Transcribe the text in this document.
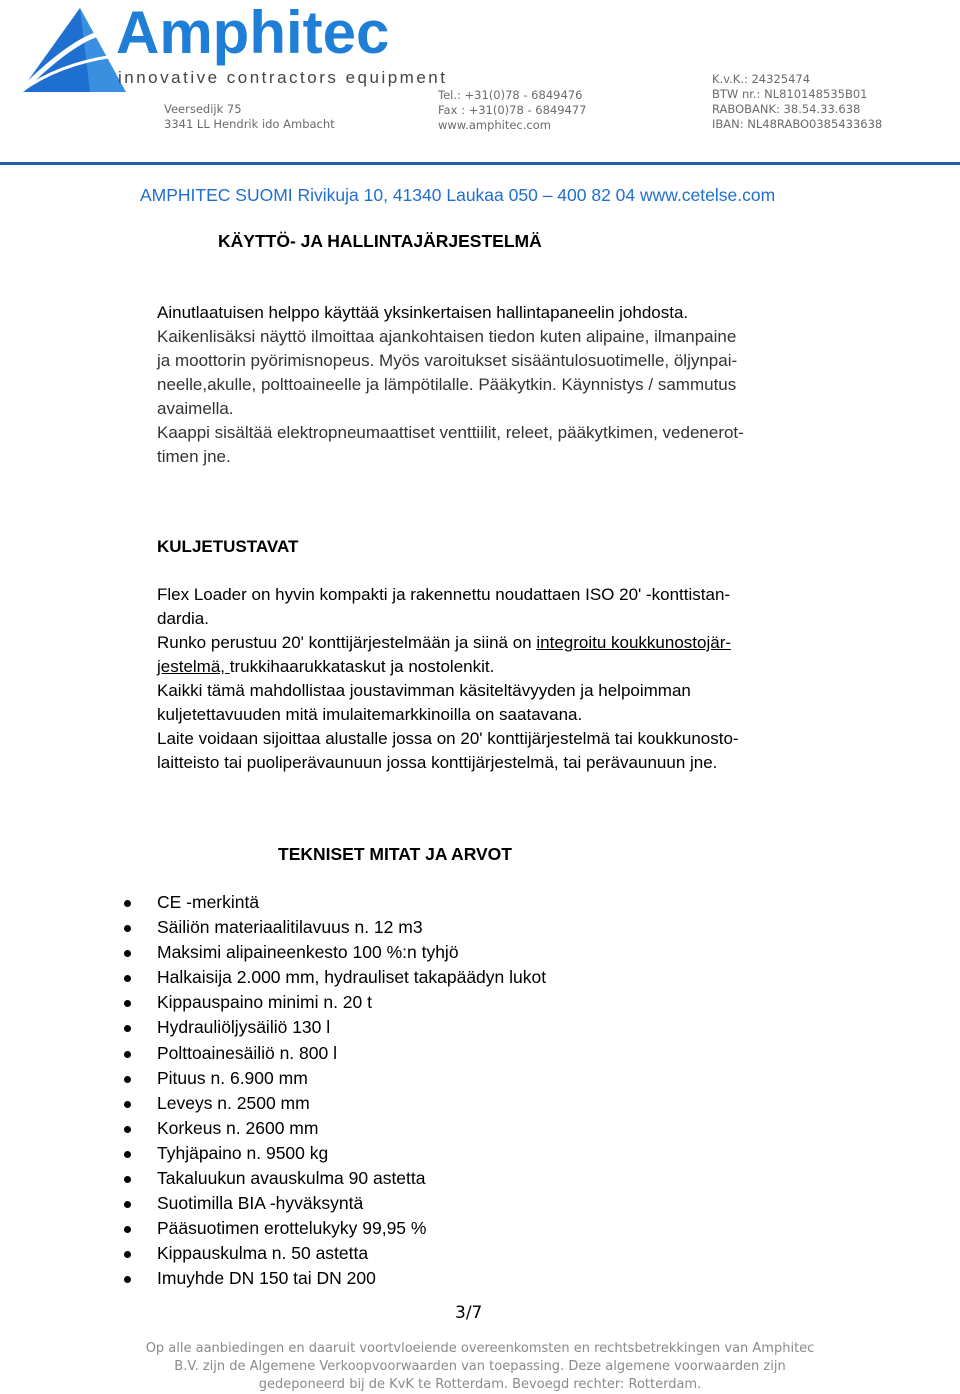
Amphitec
innovative contractors equipment
Veersedijk 75
3341 LL Hendrik ido Ambacht
Tel.: +31(0)78 - 6849476
Fax : +31(0)78 - 6849477
www.amphitec.com
K.v.K.: 24325474
BTW nr.: NL810148535B01
RABOBANK: 38.54.33.638
IBAN: NL48RABO0385433638
AMPHITEC SUOMI Rivikuja 10, 41340 Laukaa 050 – 400 82 04 www.cetelse.com
KÄYTTÖ- JA HALLINTAJÄRJESTELMÄ
Ainutlaatuisen helppo käyttää yksinkertaisen hallintapaneelin johdosta.
Kaikenlisäksi näyttö ilmoittaa ajankohtaisen tiedon kuten alipaine, ilmanpaine
ja moottorin pyörimisnopeus. Myös varoitukset sisääntulosuotimelle, öljynpai-
neelle,akulle, polttoaineelle ja lämpötilalle. Pääkytkin. Käynnistys / sammutus
avaimella.
Kaappi sisältää elektropneumaattiset venttiilit, releet, pääkytkimen, vedenerot-
timen jne.
KULJETUSTAVAT
Flex Loader on hyvin kompakti ja rakennettu noudattaen ISO 20' -konttistan-
dardia.
Runko perustuu 20' konttijärjestelmään ja siinä on integroitu koukkunostojär-
jestelmä, trukkihaarukkataskut ja nostolenkit.
Kaikki tämä mahdollistaa joustavimman käsiteltävyyden ja helpoimman
kuljetettavuuden mitä imulaitemarkkinoilla on saatavana.
Laite voidaan sijoittaa alustalle jossa on 20' konttijärjestelmä tai koukkunosto-
laitteisto tai puoliperävaunuun jossa konttijärjestelmä, tai perävaunuun jne.
TEKNISET MITAT JA ARVOT
CE -merkintä
Säiliön materiaalitilavuus n. 12 m3
Maksimi alipaineenkesto 100 %:n tyhjö
Halkaisija 2.000 mm, hydrauliset takapäädyn lukot
Kippauspaino minimi n. 20 t
Hydrauliöljysäiliö 130 l
Polttoainesäiliö n. 800 l
Pituus n. 6.900 mm
Leveys n. 2500 mm
Korkeus n. 2600 mm
Tyhjäpaino n. 9500 kg
Takaluukun avauskulma 90 astetta
Suotimilla BIA -hyväksyntä
Pääsuotimen erottelukyky 99,95 %
Kippauskulma n. 50 astetta
Imuyhde DN 150 tai DN 200
3/7
Op alle aanbiedingen en daaruit voortvloeiende overeenkomsten en rechtsbetrekkingen van Amphitec
B.V. zijn de Algemene Verkoopvoorwaarden van toepassing. Deze algemene voorwaarden zijn
gedeponeerd bij de KvK te Rotterdam. Bevoegd rechter: Rotterdam.
